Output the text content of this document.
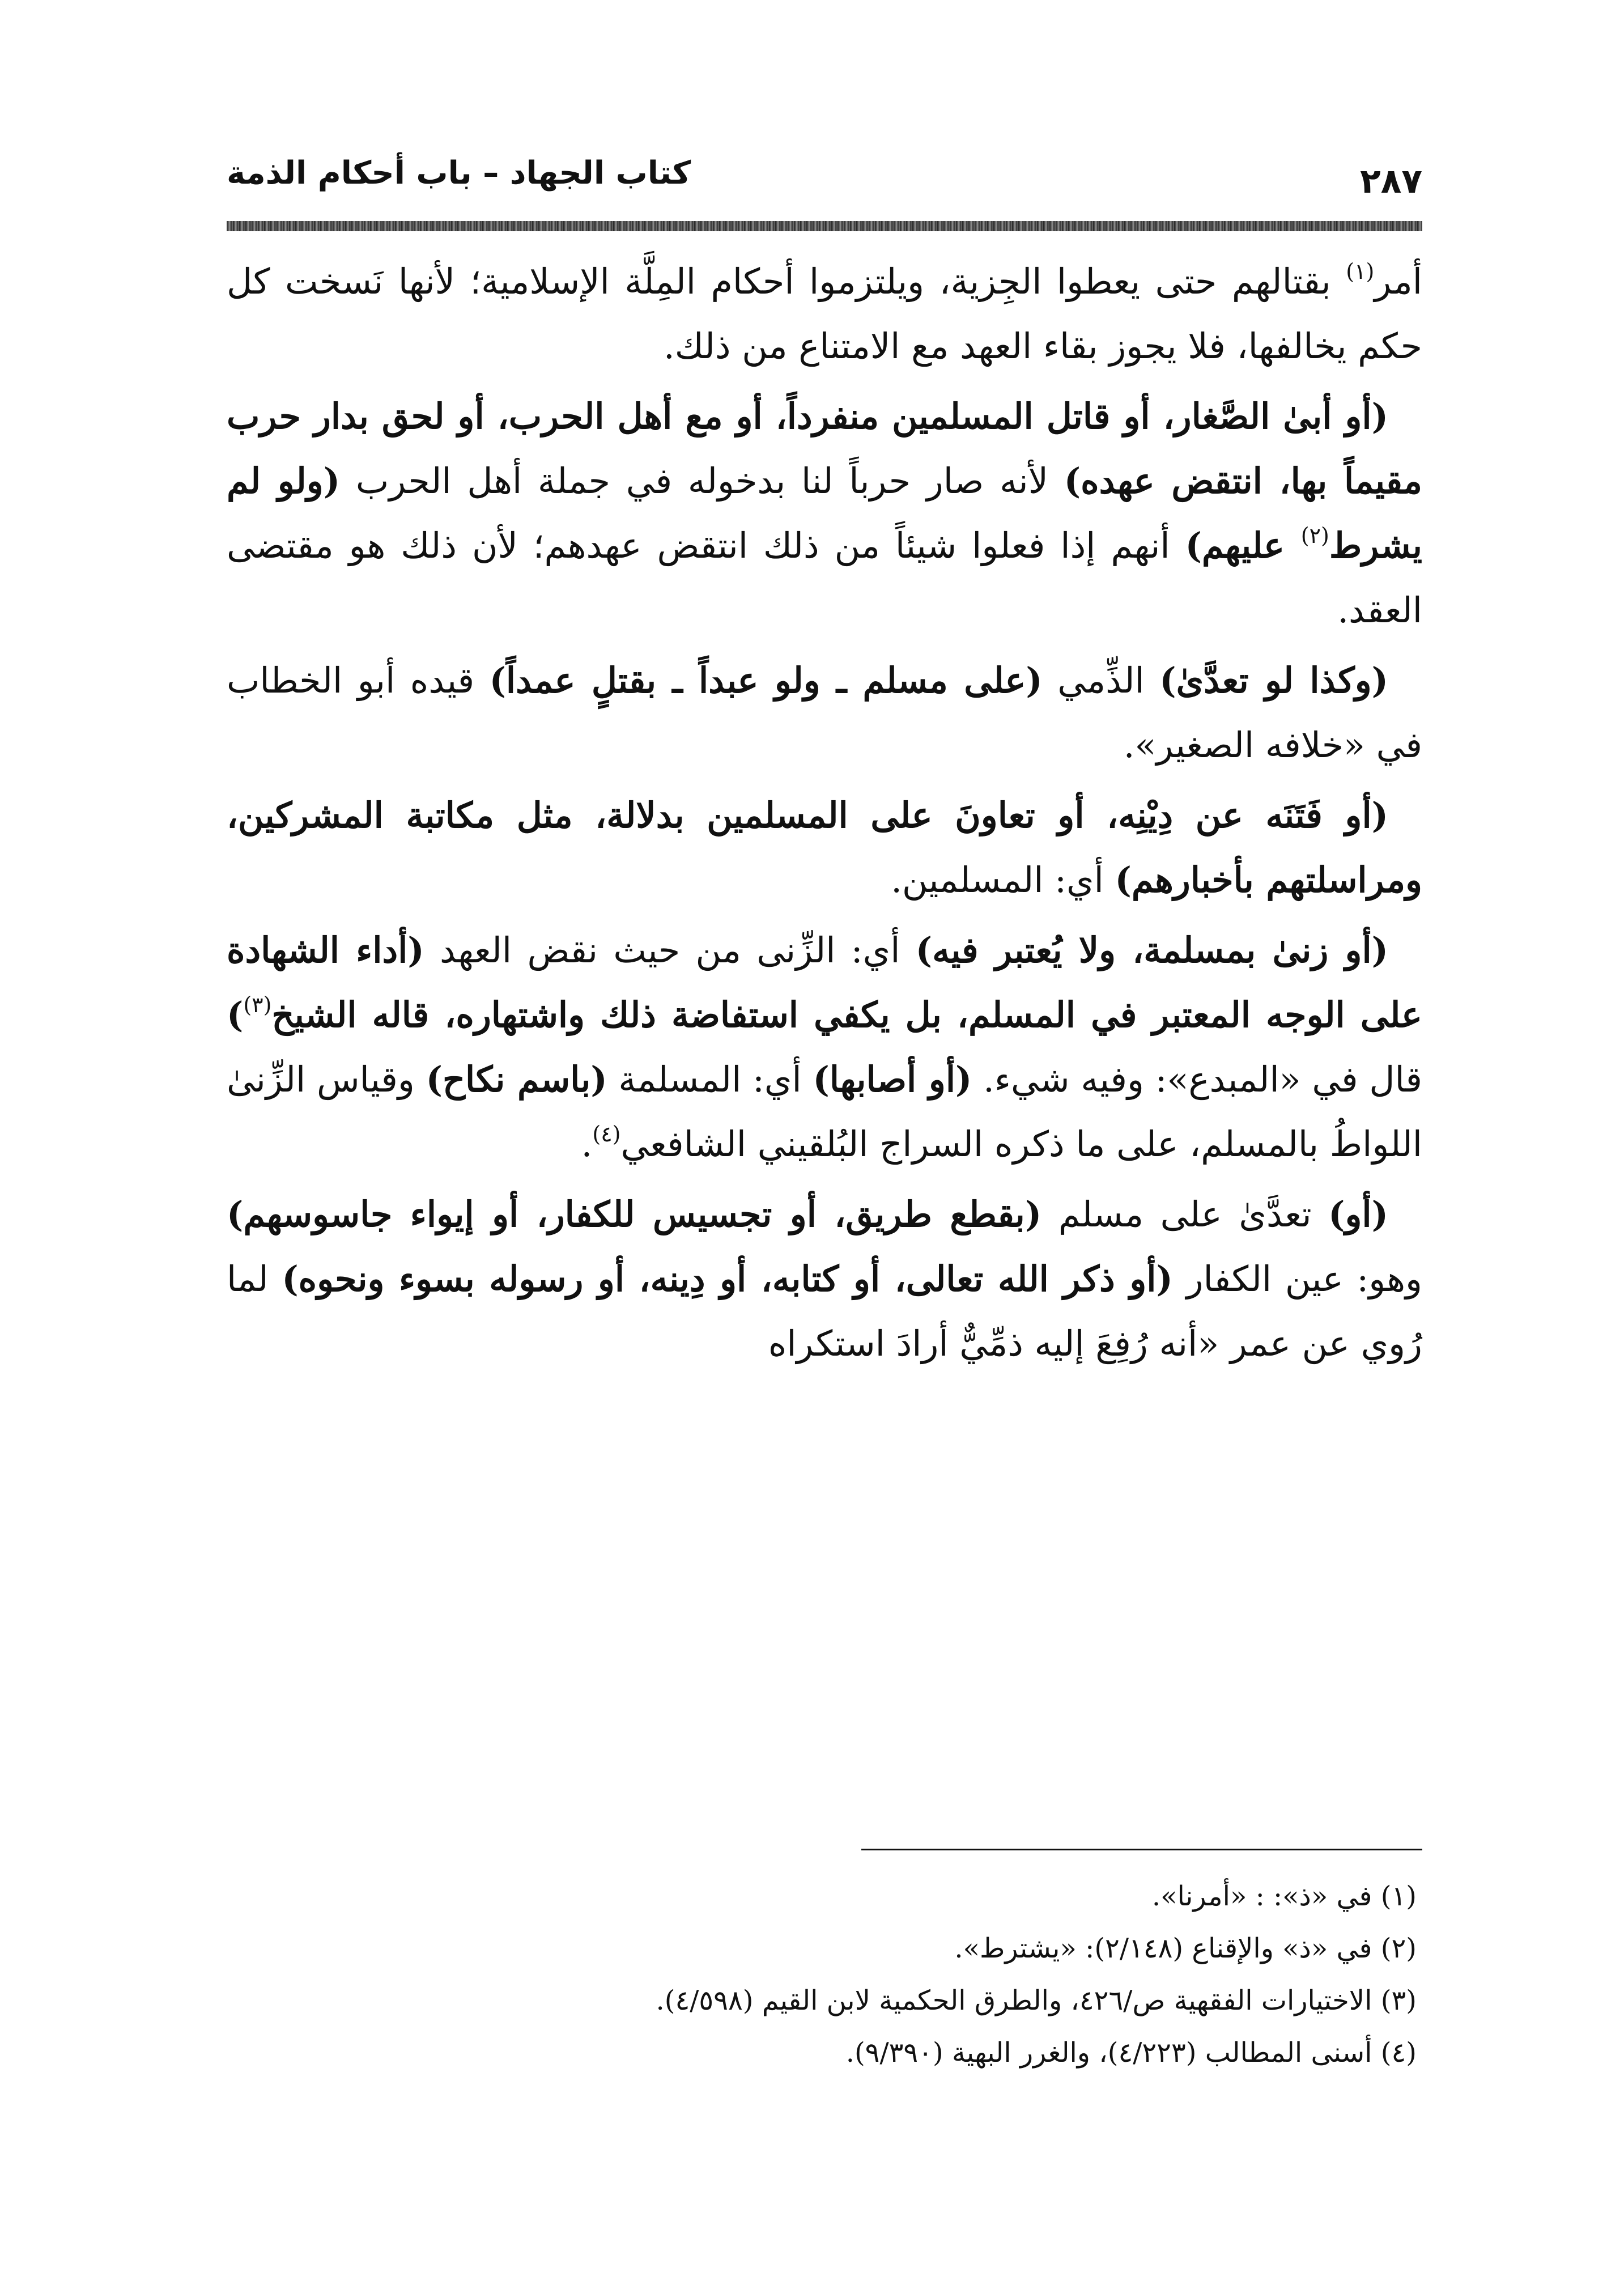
٢٨٧
كتاب الجهاد – باب أحكام الذمة

أمر$^{(١)}$ بقتالهم حتى يعطوا الجِزية، ويلتزموا أحكام المِلَّة الإسلامية؛ لأنها نَسخت كل حكم يخالفها، فلا يجوز بقاء العهد مع الامتناع من ذلك.

(أو أبىٰ الصَّغار، أو قاتل المسلمين منفرداً، أو مع أهل الحرب، أو لحق بدار حرب مقيماً بها، انتقض عهده) لأنه صار حرباً لنا بدخوله في جملة أهل الحرب (ولو لم يشرط$^{(٢)}$ عليهم) أنهم إذا فعلوا شيئاً من ذلك انتقض عهدهم؛ لأن ذلك هو مقتضى العقد.

(وكذا لو تعدَّىٰ) الذِّمي (على مسلم ـ ولو عبداً ـ بقتلٍ عمداً) قيده أبو الخطاب في «خلافه الصغير».

(أو فَتَنَه عن دِيْنِه، أو تعاونَ على المسلمين بدلالة، مثل مكاتبة المشركين، ومراسلتهم بأخبارهم) أي: المسلمين.

(أو زنىٰ بمسلمة، ولا يُعتبر فيه) أي: الزِّنى من حيث نقض العهد (أداء الشهادة على الوجه المعتبر في المسلم، بل يكفي استفاضة ذلك واشتهاره، قاله الشيخ$^{(٣)}$) قال في «المبدع»: وفيه شيء. (أو أصابها) أي: المسلمة (باسم نكاح) وقياس الزِّنىٰ اللواطُ بالمسلم، على ما ذكره السراج البُلقيني الشافعي$^{(٤)}$.

(أو) تعدَّىٰ على مسلم (بقطع طريق، أو تجسيس للكفار، أو إيواء جاسوسهم) وهو: عين الكفار (أو ذكر الله تعالى، أو كتابه، أو دِينه، أو رسوله بسوء ونحوه) لما رُوي عن عمر «أنه رُفِعَ إليه ذمِّيٌّ أرادَ استكراه

(١) في «ذ»: : «أمرنا».
(٢) في «ذ» والإقناع (٢/١٤٨): «يشترط».
(٣) الاختيارات الفقهية ص/٤٢٦، والطرق الحكمية لابن القيم (٤/٥٩٨).
(٤) أسنى المطالب (٤/٢٢٣)، والغرر البهية (٩/٣٩٠).
